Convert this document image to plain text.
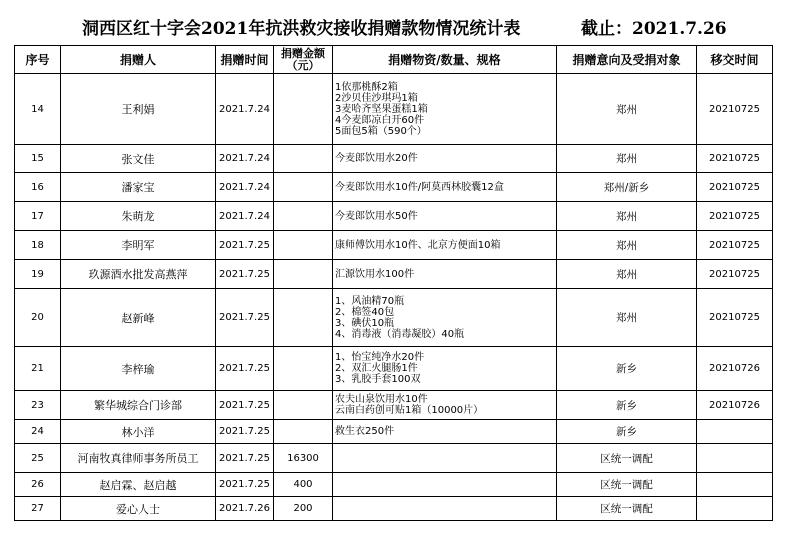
洞西区红十字会2021年抗洪救灾接收捐赠款物情况统计表	截止：2021.7.26
序号	捐赠人	捐赠时间	捐赠金额（元）	捐赠物资/数量、规格	捐赠意向及受捐对象	移交时间
14	王利娟	2021.7.24		1依那桃酥2箱
2沙贝佳沙琪玛1箱
3麦哈齐坚果蛋糕1箱
4今麦郎凉白开60件
5面包5箱（590个）	郑州	20210725
15	张文佳	2021.7.24		今麦郎饮用水20件	郑州	20210725
16	潘家宝	2021.7.24		今麦郎饮用水10件/阿莫西林胶囊12盒	郑州/新乡	20210725
17	朱萌龙	2021.7.24		今麦郎饮用水50件	郑州	20210725
18	李明军	2021.7.25		康师傅饮用水10件、北京方便面10箱	郑州	20210725
19	玖源酒水批发高燕萍	2021.7.25		汇源饮用水100件	郑州	20210725
20	赵新峰	2021.7.25		1、风油精70瓶
2、棉签40包
3、碘伏10瓶
4、消毒液（消毒凝胶）40瓶	郑州	20210725
21	李梓瑜	2021.7.25		1、怡宝纯净水20件
2、双汇火腿肠1件
3、乳胶手套100双	新乡	20210726
23	繁华城综合门诊部	2021.7.25		农夫山泉饮用水10件
云南白药创可贴1箱（10000片）	新乡	20210726
24	林小洋	2021.7.25		救生衣250件	新乡	
25	河南牧真律师事务所员工	2021.7.25	16300		区统一调配	
26	赵启霖、赵启越	2021.7.25	400		区统一调配	
27	爱心人士	2021.7.26	200		区统一调配	
